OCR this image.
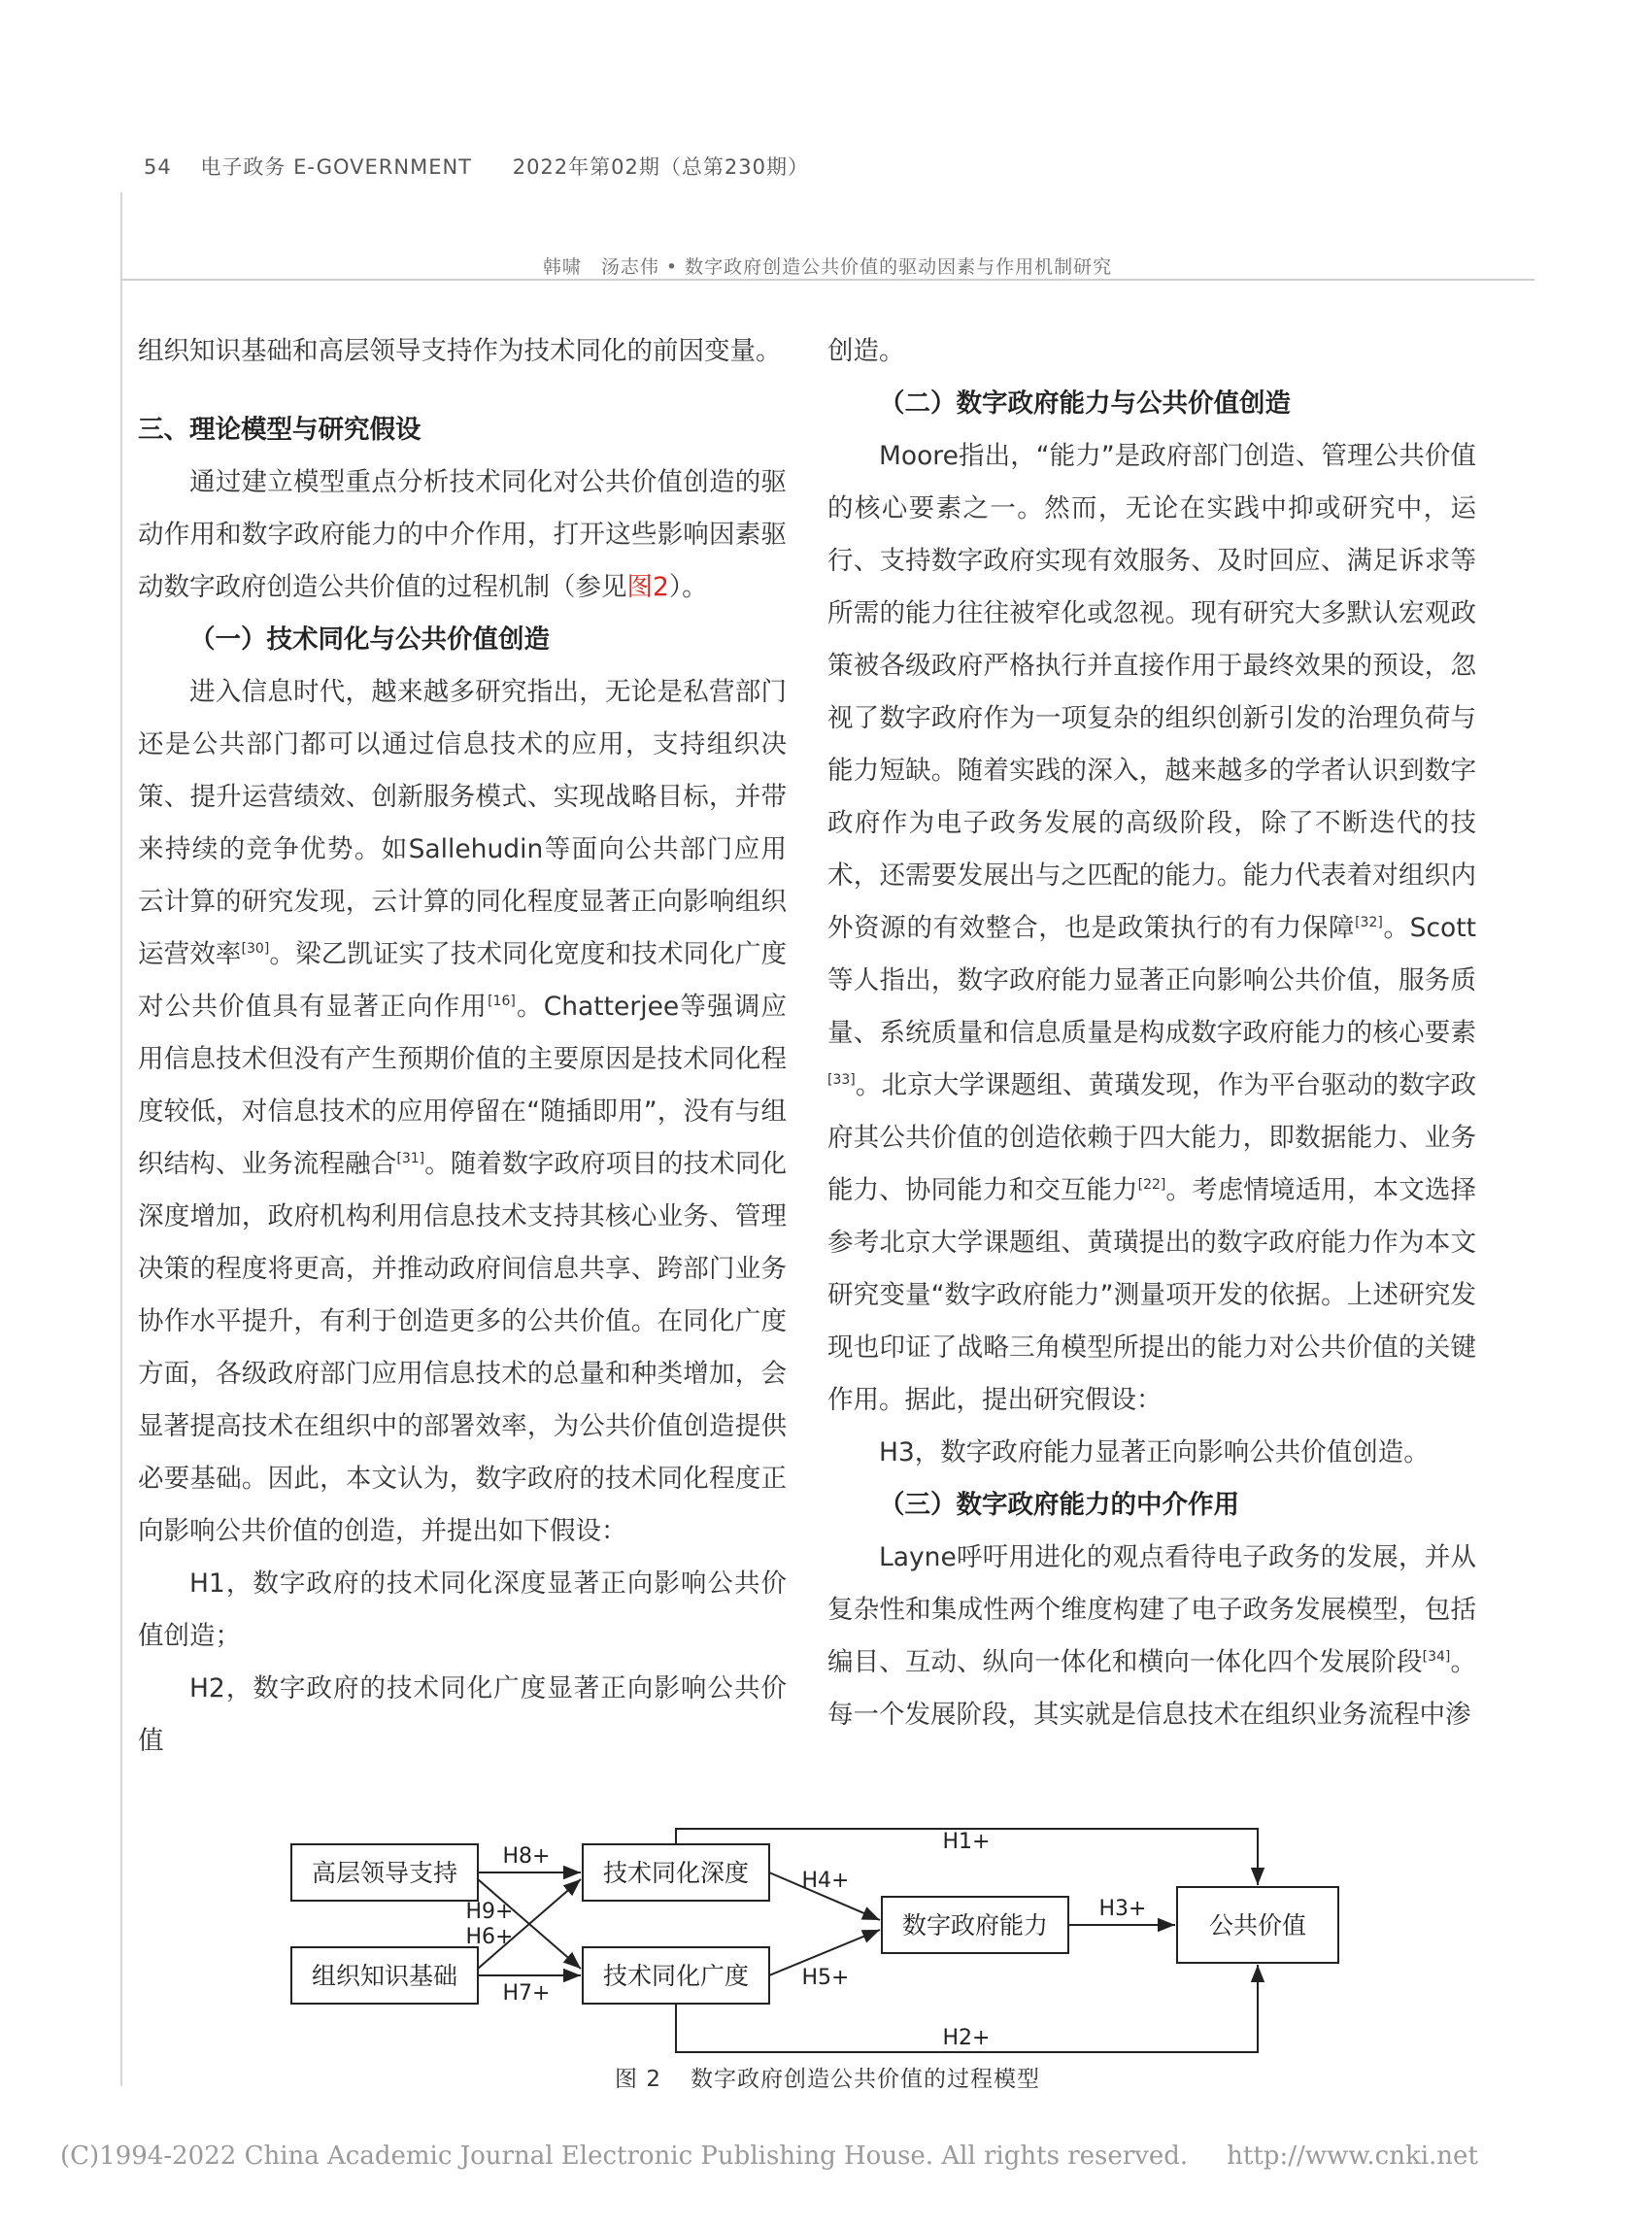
54 电子政务 E-GOVERNMENT 2022年第02期（总第230期）
韩啸　汤志伟 • 数字政府创造公共价值的驱动因素与作用机制研究

组织知识基础和高层领导支持作为技术同化的前因变量。

三、理论模型与研究假设

通过建立模型重点分析技术同化对公共价值创造的驱动作用和数字政府能力的中介作用，打开这些影响因素驱动数字政府创造公共价值的过程机制（参见图2）。

（一）技术同化与公共价值创造

进入信息时代，越来越多研究指出，无论是私营部门还是公共部门都可以通过信息技术的应用，支持组织决策、提升运营绩效、创新服务模式、实现战略目标，并带来持续的竞争优势。如Sallehudin等面向公共部门应用云计算的研究发现，云计算的同化程度显著正向影响组织运营效率[30]。梁乙凯证实了技术同化宽度和技术同化广度对公共价值具有显著正向作用[16]。Chatterjee等强调应用信息技术但没有产生预期价值的主要原因是技术同化程度较低，对信息技术的应用停留在“随插即用”，没有与组织结构、业务流程融合[31]。随着数字政府项目的技术同化深度增加，政府机构利用信息技术支持其核心业务、管理决策的程度将更高，并推动政府间信息共享、跨部门业务协作水平提升，有利于创造更多的公共价值。在同化广度方面，各级政府部门应用信息技术的总量和种类增加，会显著提高技术在组织中的部署效率，为公共价值创造提供必要基础。因此，本文认为，数字政府的技术同化程度正向影响公共价值的创造，并提出如下假设：

H1，数字政府的技术同化深度显著正向影响公共价值创造；

H2，数字政府的技术同化广度显著正向影响公共价值

创造。

（二）数字政府能力与公共价值创造

Moore指出，“能力”是政府部门创造、管理公共价值的核心要素之一。然而，无论在实践中抑或研究中，运行、支持数字政府实现有效服务、及时回应、满足诉求等所需的能力往往被窄化或忽视。现有研究大多默认宏观政策被各级政府严格执行并直接作用于最终效果的预设，忽视了数字政府作为一项复杂的组织创新引发的治理负荷与能力短缺。随着实践的深入，越来越多的学者认识到数字政府作为电子政务发展的高级阶段，除了不断迭代的技术，还需要发展出与之匹配的能力。能力代表着对组织内外资源的有效整合，也是政策执行的有力保障[32]。Scott等人指出，数字政府能力显著正向影响公共价值，服务质量、系统质量和信息质量是构成数字政府能力的核心要素[33]。北京大学课题组、黄璜发现，作为平台驱动的数字政府其公共价值的创造依赖于四大能力，即数据能力、业务能力、协同能力和交互能力[22]。考虑情境适用，本文选择参考北京大学课题组、黄璜提出的数字政府能力作为本文研究变量“数字政府能力”测量项开发的依据。上述研究发现也印证了战略三角模型所提出的能力对公共价值的关键作用。据此，提出研究假设：

H3，数字政府能力显著正向影响公共价值创造。

（三）数字政府能力的中介作用

Layne呼吁用进化的观点看待电子政务的发展，并从复杂性和集成性两个维度构建了电子政务发展模型，包括编目、互动、纵向一体化和横向一体化四个发展阶段[34]。每一个发展阶段，其实就是信息技术在组织业务流程中渗

高层领导支持
组织知识基础
技术同化深度
技术同化广度
数字政府能力	公共价值
H8+
H7+
H9+
H6+
H4+
H5+
H3+
H1+
H2+
图 2 数字政府创造公共价值的过程模型
(C)1994-2022 China Academic Journal Electronic Publishing House. All rights reserved. http://www.cnki.net
